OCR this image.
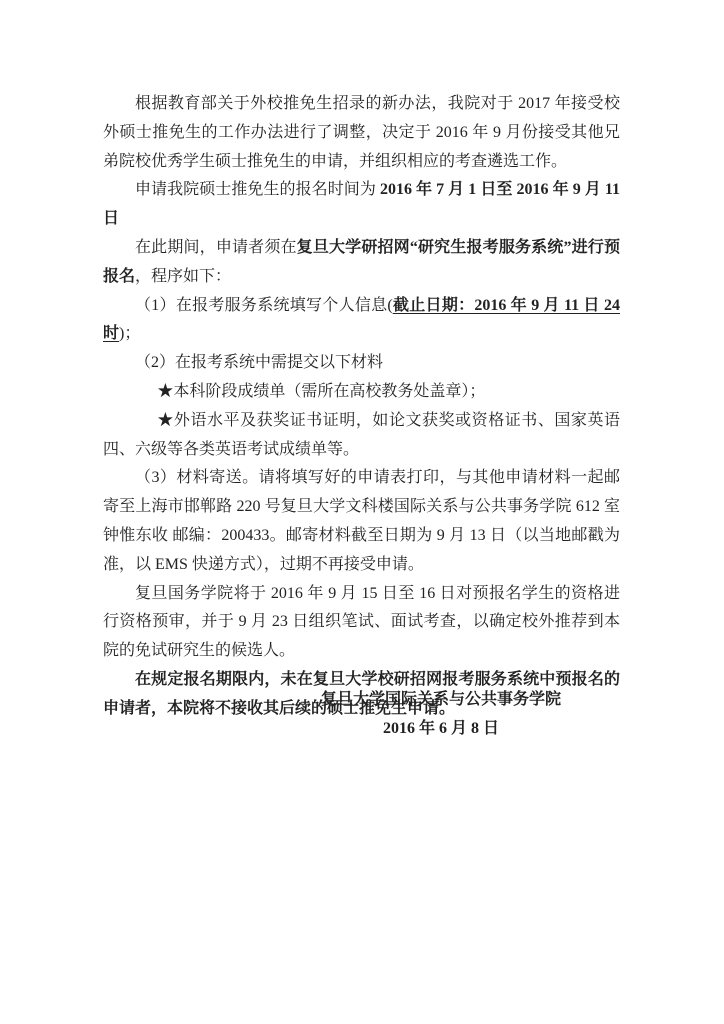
根据教育部关于外校推免生招录的新办法，我院对于 2017 年接受校外硕士推免生的工作办法进行了调整，决定于 2016 年 9 月份接受其他兄弟院校优秀学生硕士推免生的申请，并组织相应的考查遴选工作。

申请我院硕士推免生的报名时间为 2016 年 7 月 1 日至 2016 年 9 月 11 日

在此期间，申请者须在复旦大学研招网“研究生报考服务系统”进行预报名，程序如下：

（1）在报考服务系统填写个人信息(截止日期：2016 年 9 月 11 日 24 时)；

（2）在报考系统中需提交以下材料

★本科阶段成绩单（需所在高校教务处盖章）；

★外语水平及获奖证书证明，如论文获奖或资格证书、国家英语四、六级等各类英语考试成绩单等。

（3）材料寄送。请将填写好的申请表打印，与其他申请材料一起邮寄至上海市邯郸路 220 号复旦大学文科楼国际关系与公共事务学院 612 室 钟惟东收 邮编：200433。邮寄材料截至日期为 9 月 13 日（以当地邮戳为准，以 EMS 快递方式），过期不再接受申请。

复旦国务学院将于 2016 年 9 月 15 日至 16 日对预报名学生的资格进行资格预审，并于 9 月 23 日组织笔试、面试考查，以确定校外推荐到本院的免试研究生的候选人。

在规定报名期限内，未在复旦大学校研招网报考服务系统中预报名的申请者，本院将不接收其后续的硕士推免生申请。

复旦大学国际关系与公共事务学院
2016 年 6 月 8 日
